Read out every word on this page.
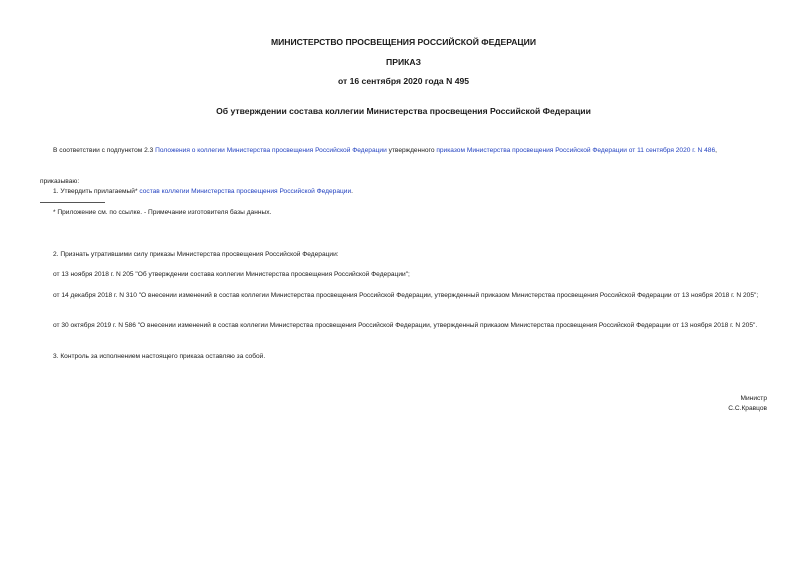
МИНИСТЕРСТВО ПРОСВЕЩЕНИЯ РОССИЙСКОЙ ФЕДЕРАЦИИ
ПРИКАЗ
от 16 сентября 2020 года N 495
Об утверждении состава коллегии Министерства просвещения Российской Федерации
В соответствии с подпунктом 2.3 Положения о коллегии Министерства просвещения Российской Федерации утвержденного приказом Министерства просвещения Российской Федерации от 11 сентября 2020 г. N 486,
приказываю:
1. Утвердить прилагаемый* состав коллегии Министерства просвещения Российской Федерации.
* Приложение см. по ссылке. - Примечание изготовителя базы данных.
2. Признать утратившими силу приказы Министерства просвещения Российской Федерации:
от 13 ноября 2018 г. N 205 "Об утверждении состава коллегии Министерства просвещения Российской Федерации";
от 14 декабря 2018 г. N 310 "О внесении изменений в состав коллегии Министерства просвещения Российской Федерации, утвержденный приказом Министерства просвещения Российской Федерации от 13 ноября 2018 г. N 205";
от 30 октября 2019 г. N 586 "О внесении изменений в состав коллегии Министерства просвещения Российской Федерации, утвержденный приказом Министерства просвещения Российской Федерации от 13 ноября 2018 г. N 205".
3. Контроль за исполнением настоящего приказа оставляю за собой.
Министр
С.С.Кравцов
